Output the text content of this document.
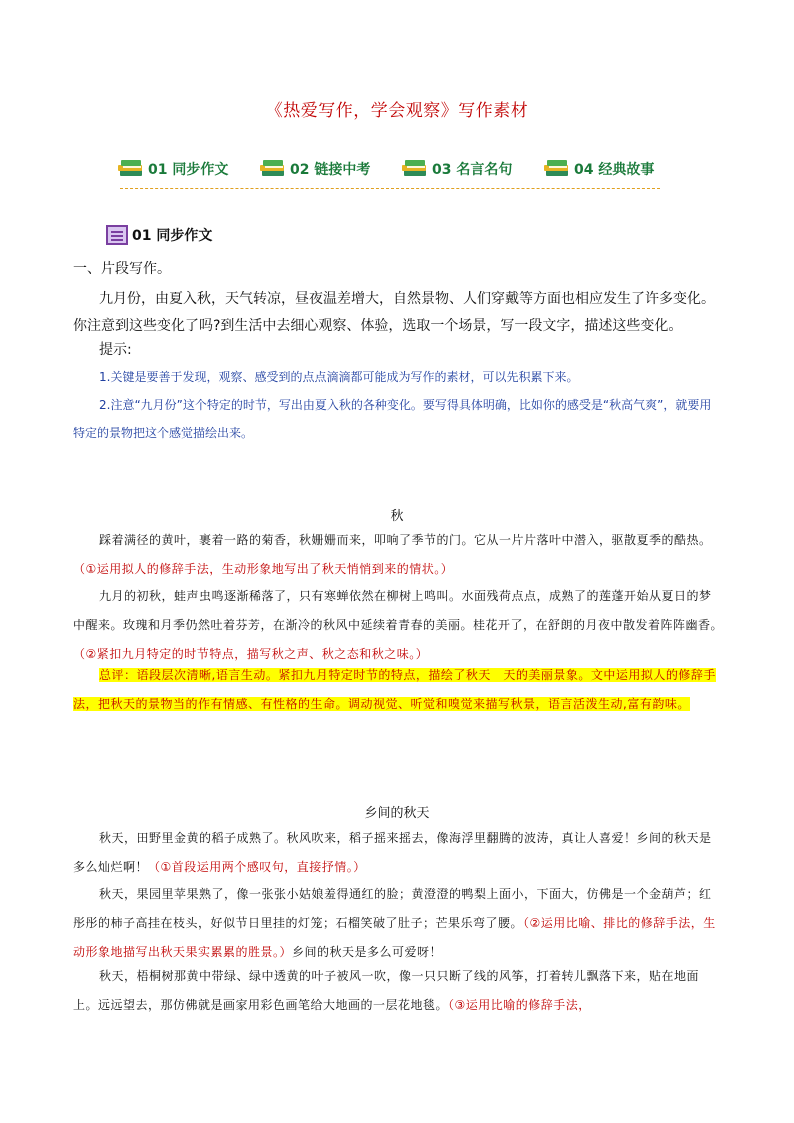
《热爱写作，学会观察》写作素材
01 同步作文	02 链接中考	03 名言名句	04 经典故事
01 同步作文
一、片段写作。
九月份，由夏入秋，天气转凉，昼夜温差增大，自然景物、人们穿戴等方面也相应发生了许多变化。你注意到这些变化了吗?到生活中去细心观察、体验，选取一个场景，写一段文字，描述这些变化。
提示:
1.关键是要善于发现，观察、感受到的点点滴滴都可能成为写作的素材，可以先积累下来。
2.注意“九月份”这个特定的时节，写出由夏入秋的各种变化。要写得具体明确，比如你的感受是“秋高气爽”，就要用特定的景物把这个感觉描绘出来。
秋
踩着满径的黄叶，裹着一路的菊香，秋姗姗而来，叩响了季节的门。它从一片片落叶中潜入，驱散夏季的酷热。（①运用拟人的修辞手法，生动形象地写出了秋天悄悄到来的情状。）
九月的初秋，蛙声虫鸣逐渐稀落了，只有寒蝉依然在柳树上鸣叫。水面残荷点点，成熟了的莲蓬开始从夏日的梦中醒来。玫瑰和月季仍然吐着芬芳，在渐冷的秋风中延续着青春的美丽。桂花开了，在舒朗的月夜中散发着阵阵幽香。（②紧扣九月特定的时节特点，描写秋之声、秋之态和秋之味。）
总评：语段层次清晰,语言生动。紧扣九月特定时节的特点，描绘了秋天　天的美丽景象。文中运用拟人的修辞手法，把秋天的景物当的作有情感、有性格的生命。调动视觉、听觉和嗅觉来描写秋景，语言活泼生动,富有韵味。
乡间的秋天
秋天，田野里金黄的稻子成熟了。秋风吹来，稻子摇来摇去，像海浮里翻腾的波涛，真让人喜爱！乡间的秋天是多么灿烂啊！（①首段运用两个感叹句，直接抒情。）
秋天，果园里苹果熟了，像一张张小姑娘羞得通红的脸；黄澄澄的鸭梨上面小，下面大，仿佛是一个金葫芦；红彤彤的柿子高挂在枝头，好似节日里挂的灯笼；石榴笑破了肚子；芒果乐弯了腰。（②运用比喻、排比的修辞手法，生动形象地描写出秋天果实累累的胜景。）乡间的秋天是多么可爱呀！
秋天，梧桐树那黄中带绿、绿中透黄的叶子被风一吹，像一只只断了线的风筝，打着转儿飘落下来，贴在地面上。远远望去，那仿佛就是画家用彩色画笔给大地画的一层花地毯。（③运用比喻的修辞手法，
